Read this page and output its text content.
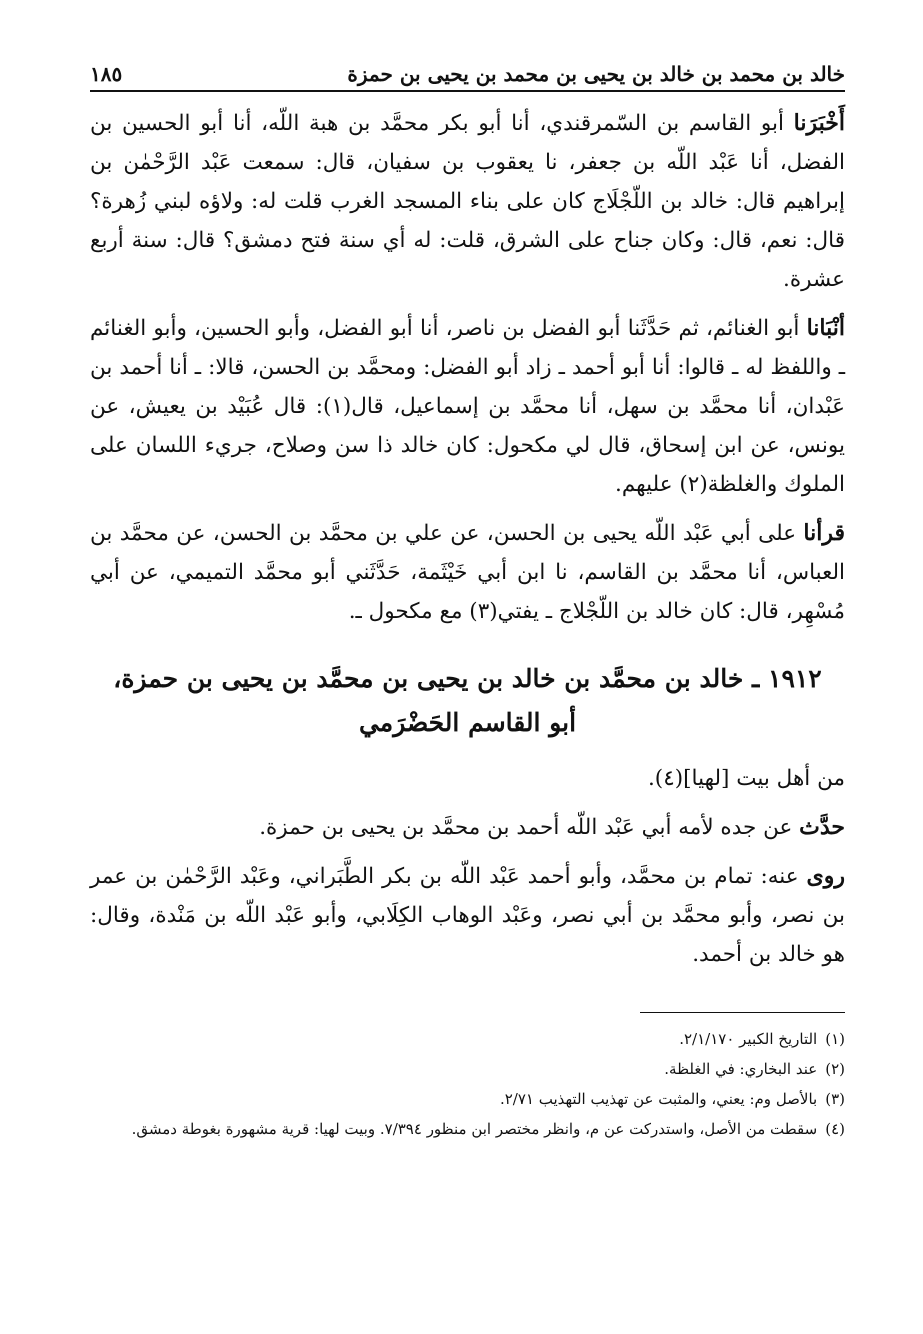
خالد بن محمد بن خالد بن يحيى بن محمد بن يحيى بن حمزة
١٨٥

أَخْبَرَنا أبو القاسم بن السّمرقندي، أنا أبو بكر محمَّد بن هبة اللّه، أنا أبو الحسين بن الفضل، أنا عَبْد اللّه بن جعفر، نا يعقوب بن سفيان، قال: سمعت عَبْد الرَّحْمٰن بن إبراهيم قال: خالد بن اللّجْلَاج كان على بناء المسجد الغرب قلت له: ولاؤه لبني زُهرة؟ قال: نعم، قال: وكان جناح على الشرق، قلت: له أي سنة فتح دمشق؟ قال: سنة أربع عشرة.

أنْبَانا أبو الغنائم، ثم حَدَّثَنا أبو الفضل بن ناصر، أنا أبو الفضل، وأبو الحسين، وأبو الغنائم ـ واللفظ له ـ قالوا: أنا أبو أحمد ـ زاد أبو الفضل: ومحمَّد بن الحسن، قالا: ـ أنا أحمد بن عَبْدان، أنا محمَّد بن سهل، أنا محمَّد بن إسماعيل، قال(١): قال عُبَيْد بن يعيش، عن يونس، عن ابن إسحاق، قال لي مكحول: كان خالد ذا سن وصلاح، جريء اللسان على الملوك والغلظة(٢) عليهم.

قرأنا على أبي عَبْد اللّه يحيى بن الحسن، عن علي بن محمَّد بن الحسن، عن محمَّد بن العباس، أنا محمَّد بن القاسم، نا ابن أبي خَيْثَمة، حَدَّثَني أبو محمَّد التميمي، عن أبي مُسْهِر، قال: كان خالد بن اللّجْلاج ـ يفتي(٣) مع مكحول ـ.

١٩١٢ ـ خالد بن محمَّد بن خالد بن يحيى بن محمَّد بن يحيى بن حمزة،
أبو القاسم الحَضْرَمي

من أهل بيت [لهيا](٤).

حدَّث عن جده لأمه أبي عَبْد اللّه أحمد بن محمَّد بن يحيى بن حمزة.

روى عنه: تمام بن محمَّد، وأبو أحمد عَبْد اللّه بن بكر الطَّبَراني، وعَبْد الرَّحْمٰن بن عمر بن نصر، وأبو محمَّد بن أبي نصر، وعَبْد الوهاب الكِلَابي، وأبو عَبْد اللّه بن مَنْدة، وقال: هو خالد بن أحمد.

(١)
التاريخ الكبير ٢/١/١٧٠.
(٢)
عند البخاري: في الغلظة.
(٣)
بالأصل وم: يعني، والمثبت عن تهذيب التهذيب ٢/٧١.
(٤)
سقطت من الأصل، واستدركت عن م، وانظر مختصر ابن منظور ٧/٣٩٤. وبيت لهيا: قرية مشهورة بغوطة دمشق.
